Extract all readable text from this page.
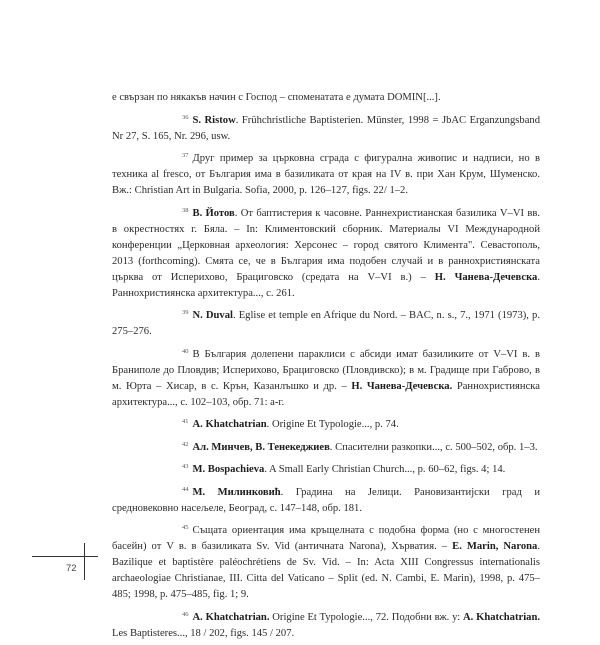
е свързан по някакъв начин с Господ – споменатата е думата DOMIN[...].

$^{36}$ S. Ristow. Frühchristliche Baptisterien. Münster, 1998 = JbAC Erganzungsband Nr 27, S. 165, Nr. 296, usw.

$^{37}$ Друг пример за църковна сграда с фигурална живопис и надписи, но в техника al fresco, от България има в базиликата от края на IV в. при Хан Крум, Шуменско. Вж.: Christian Art in Bulgaria. Sofia, 2000, p. 126–127, figs. 22/ 1–2.

$^{38}$ В. Йотов. От баптистерия к часовне. Раннехристианская базилика V–VI вв. в окрестностях г. Бяла. – In: Климентовский сборник. Материалы VI Международной конференции „Церковная археология: Херсонес – город святого Климента". Севастополь, 2013 (forthcoming). Смята се, че в България има подобен случай и в раннохристиянската църква от Исперихово, Брацигoвско (средата на V–VI в.) – Н. Чанева-Дечевска. Раннохристиянска архитектура..., с. 261.

$^{39}$ N. Duval. Eglise et temple en Afrique du Nord. – BAC, n. s., 7., 1971 (1973), p. 275–276.

$^{40}$ В България долепени параклиси с абсиди имат базиликите от V–VI в. в Браниполе до Пловдив; Исперихово, Брацигoвско (Пловдивско); в м. Градище при Габрово, в м. Юрта – Хисар, в с. Крън, Казанлъшко и др. – Н. Чанева-Дечевска. Раннохристиянска архитектура..., с. 102–103, обр. 71: а-г.

$^{41}$ A. Khatchatrian. Origine Et Typologie..., p. 74.

$^{42}$ Ал. Минчев, В. Тенекеджиев. Спасителни разкопки..., с. 500–502, обр. 1–3.

$^{43}$ M. Bospachieva. A Small Early Christian Church..., p. 60–62, figs. 4; 14.

$^{44}$ М. Милинковић. Градина на Јелици. Рановизантијски град и средновековно насељеле, Београд, с. 147–148, обр. 181.

$^{45}$ Същата ориентация има кръщелната с подобна форма (но с многостенен басейн) от V в. в базиликата Sv. Vid (античната Narona), Хърватия. – E. Marin, Narona. Bazilique et baptistère paléochrétiens de Sv. Vid. – In: Acta XIII Congressus internationalis archaeologiae Christianae, III. Citta del Vaticano – Split (ed. N. Cambi, E. Marin), 1998, p. 475–485; 1998, p. 475–485, fig. 1; 9.

$^{46}$ A. Khatchatrian. Origine Et Typologie..., 72. Подобни вж. у: A. Khatchatrian. Les Baptisteres..., 18 / 202, figs. 145 / 207.

72
